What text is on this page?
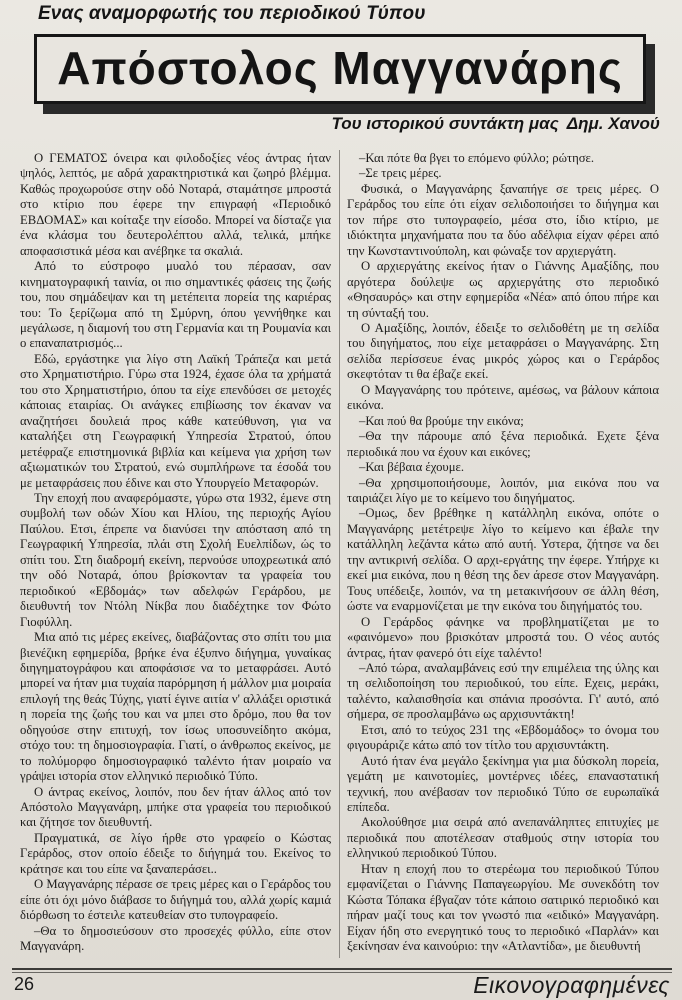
Ενας αναμορφωτής του περιοδικού Τύπου
Απόστολος Μαγγανάρης
Του ιστορικού συντάκτη μας Δημ. Χανού

Ο ΓΕΜΑΤΟΣ όνειρα και φιλοδοξίες νέος άντρας ήταν ψηλός, λεπτός, με αδρά χαρακτηριστικά και ζωηρό βλέμμα. Καθώς προχωρούσε στην οδό Νοταρά, σταμάτησε μπροστά στο κτίριο που έφερε την επιγραφή «Περιοδικό ΕΒΔΟΜΑΣ» και κοίταξε την είσοδο. Μπορεί να δίσταζε για ένα κλάσμα του δευτερολέπτου αλλά, τελικά, μπήκε αποφασιστικά μέσα και ανέβηκε τα σκαλιά.

Από το εύστροφο μυαλό του πέρασαν, σαν κινηματογραφική ταινία, οι πιο σημαντικές φάσεις της ζωής του, που σημάδεψαν και τη μετέπειτα πορεία της καριέρας του: Το ξερίζωμα από τη Σμύρνη, όπου γεννήθηκε και μεγάλωσε, η διαμονή του στη Γερμανία και τη Ρουμανία και ο επαναπατρισμός...

Εδώ, εργάστηκε για λίγο στη Λαϊκή Τράπεζα και μετά στο Χρηματιστήριο. Γύρω στα 1924, έχασε όλα τα χρήματά του στο Χρηματιστήριο, όπου τα είχε επενδύσει σε μετοχές κάποιας εταιρίας. Οι ανάγκες επιβίωσης τον έκαναν να αναζητήσει δουλειά προς κάθε κατεύθυνση, για να καταλήξει στη Γεωγραφική Υπηρεσία Στρατού, όπου μετέφραζε επιστημονικά βιβλία και κείμενα για χρήση των αξιωματικών του Στρατού, ενώ συμπλήρωνε τα έσοδά του με μεταφράσεις που έδινε και στο Υπουργείο Μεταφορών.

Την εποχή που αναφερόμαστε, γύρω στα 1932, έμενε στη συμβολή των οδών Χίου και Ηλίου, της περιοχής Αγίου Παύλου. Ετσι, έπρεπε να διανύσει την απόσταση από τη Γεωγραφική Υπηρεσία, πλάι στη Σχολή Ευελπίδων, ώς το σπίτι του. Στη διαδρομή εκείνη, περνούσε υποχρεωτικά από την οδό Νοταρά, όπου βρίσκονταν τα γραφεία του περιοδικού «Εβδομάς» των αδελφών Γεράρδου, με διευθυντή τον Ντόλη Νίκβα που διαδέχτηκε τον Φώτο Γιοφύλλη.

Μια από τις μέρες εκείνες, διαβάζοντας στο σπίτι του μια βιενέζικη εφημερίδα, βρήκε ένα έξυπνο διήγημα, γυναίκας διηγηματογράφου και αποφάσισε να το μεταφράσει. Αυτό μπορεί να ήταν μια τυχαία παρόρμηση ή μάλλον μια μοιραία επιλογή της θεάς Τύχης, γιατί έγινε αιτία ν' αλλάξει οριστικά η πορεία της ζωής του και να μπει στο δρόμο, που θα τον οδηγούσε στην επιτυχή, τον ίσως υποσυνείδητο ακόμα, στόχο του: τη δημοσιογραφία. Γιατί, ο άνθρωπος εκείνος, με το πολύμορφο δημοσιογραφικό ταλέντο ήταν μοιραίο να γράψει ιστορία στον ελληνικό περιοδικό Τύπο.

Ο άντρας εκείνος, λοιπόν, που δεν ήταν άλλος από τον Απόστολο Μαγγανάρη, μπήκε στα γραφεία του περιοδικού και ζήτησε τον διευθυντή.

Πραγματικά, σε λίγο ήρθε στο γραφείο ο Κώστας Γεράρδος, στον οποίο έδειξε το διήγημά του. Εκείνος το κράτησε και του είπε να ξαναπεράσει..

Ο Μαγγανάρης πέρασε σε τρεις μέρες και ο Γεράρδος του είπε ότι όχι μόνο διάβασε το διήγημά του, αλλά χωρίς καμιά διόρθωση το έστειλε κατευθείαν στο τυπογραφείο.

–Θα το δημοσιεύσουν στο προσεχές φύλλο, είπε στον Μαγγανάρη.

–Και πότε θα βγει το επόμενο φύλλο; ρώτησε.

–Σε τρεις μέρες.

Φυσικά, ο Μαγγανάρης ξαναπήγε σε τρεις μέρες. Ο Γεράρδος του είπε ότι είχαν σελιδοποιήσει το διήγημα και τον πήρε στο τυπογραφείο, μέσα στο, ίδιο κτίριο, με ιδιόκτητα μηχανήματα που τα δύο αδέλφια είχαν φέρει από την Κωνσταντινούπολη, και φώναξε τον αρχιεργάτη.

Ο αρχιεργάτης εκείνος ήταν ο Γιάννης Αμαξίδης, που αργότερα δούλεψε ως αρχιεργάτης στο περιοδικό «Θησαυρός» και στην εφημερίδα «Νέα» από όπου πήρε και τη σύνταξή του.

Ο Αμαξίδης, λοιπόν, έδειξε το σελιδοθέτη με τη σελίδα του διηγήματος, που είχε μεταφράσει ο Μαγγανάρης. Στη σελίδα περίσσευε ένας μικρός χώρος και ο Γεράρδος σκεφτόταν τι θα έβαζε εκεί.

Ο Μαγγανάρης του πρότεινε, αμέσως, να βάλουν κάποια εικόνα.

–Και πού θα βρούμε την εικόνα;

–Θα την πάρουμε από ξένα περιοδικά. Εχετε ξένα περιοδικά που να έχουν και εικόνες;

–Και βέβαια έχουμε.

–Θα χρησιμοποιήσουμε, λοιπόν, μια εικόνα που να ταιριάζει λίγο με το κείμενο του διηγήματος.

–Ομως, δεν βρέθηκε η κατάλληλη εικόνα, οπότε ο Μαγγανάρης μετέτρεψε λίγο το κείμενο και έβαλε την κατάλληλη λεζάντα κάτω από αυτή. Υστερα, ζήτησε να δει την αντικρινή σελίδα. Ο αρχι-εργάτης την έφερε. Υπήρχε κι εκεί μια εικόνα, που η θέση της δεν άρεσε στον Μαγγανάρη. Τους υπέδειξε, λοιπόν, να τη μετακινήσουν σε άλλη θέση, ώστε να εναρμονίζεται με την εικόνα του διηγήματός του.

Ο Γεράρδος φάνηκε να προβληματίζεται με το «φαινόμενο» που βρισκόταν μπροστά του. Ο νέος αυτός άντρας, ήταν φανερό ότι είχε ταλέντο!

–Από τώρα, αναλαμβάνεις εσύ την επιμέλεια της ύλης και τη σελιδοποίηση του περιοδικού, του είπε. Εχεις, μεράκι, ταλέντο, καλαισθησία και σπάνια προσόντα. Γι' αυτό, από σήμερα, σε προσλαμβάνω ως αρχισυντάκτη!

Ετσι, από το τεύχος 231 της «Εβδομάδος» το όνομα του φιγουράριζε κάτω από τον τίτλο του αρχισυντάκτη.

Αυτό ήταν ένα μεγάλο ξεκίνημα για μια δύσκολη πορεία, γεμάτη με καινοτομίες, μοντέρνες ιδέες, επαναστατική τεχνική, που ανέβασαν τον περιοδικό Τύπο σε ευρωπαϊκά επίπεδα.

Ακολούθησε μια σειρά από ανεπανάληπτες επιτυχίες με περιοδικά που αποτέλεσαν σταθμούς στην ιστορία του ελληνικού περιοδικού Τύπου.

Ηταν η εποχή που το στερέωμα του περιοδικού Τύπου εμφανίζεται ο Γιάννης Παπαγεωργίου. Με συνεκδότη τον Κώστα Τόπακα έβγαζαν τότε κάποιο σατιρικό περιοδικό και πήραν μαζί τους και τον γνωστό πια «ειδικό» Μαγγανάρη. Είχαν ήδη στο ενεργητικό τους το περιοδικό «Παρλάν» και ξεκίνησαν ένα καινούριο: την «Ατλαντίδα», με διευθυντή

26	Εικονογραφημένες
